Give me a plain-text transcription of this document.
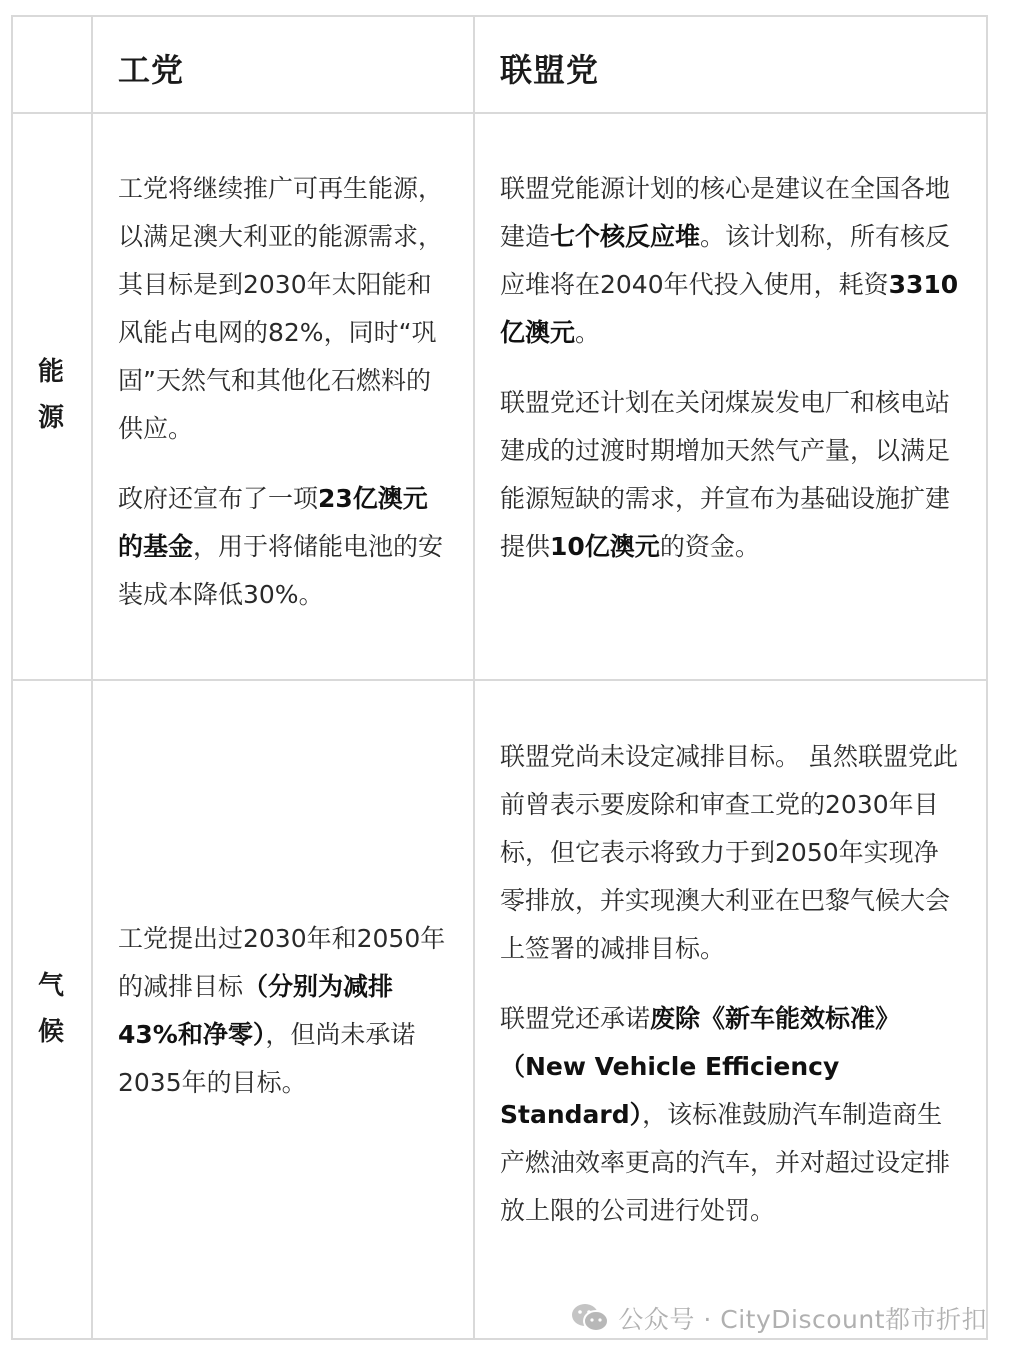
工党	联盟党
能
源

工党将继续推广可再生能源，以满足澳大利亚的能源需求，其目标是到2030年太阳能和风能占电网的82%，同时“巩固”天然气和其他化石燃料的供应。

政府还宣布了一项23亿澳元的基金，用于将储能电池的安装成本降低30%。

联盟党能源计划的核心是建议在全国各地建造七个核反应堆。该计划称，所有核反应堆将在2040年代投入使用，耗资3310亿澳元。

联盟党还计划在关闭煤炭发电厂和核电站建成的过渡时期增加天然气产量，以满足能源短缺的需求，并宣布为基础设施扩建提供10亿澳元的资金。

气
候

工党提出过2030年和2050年的减排目标（分别为减排43%和净零），但尚未承诺2035年的目标。

联盟党尚未设定减排目标。 虽然联盟党此前曾表示要废除和审查工党的2030年目标，但它表示将致力于到2050年实现净零排放，并实现澳大利亚在巴黎气候大会上签署的减排目标。

联盟党还承诺废除《新车能效标准》（New Vehicle Efficiency Standard），该标准鼓励汽车制造商生产燃油效率更高的汽车，并对超过设定排放上限的公司进行处罚。

公众号 · CityDiscount都市折扣
